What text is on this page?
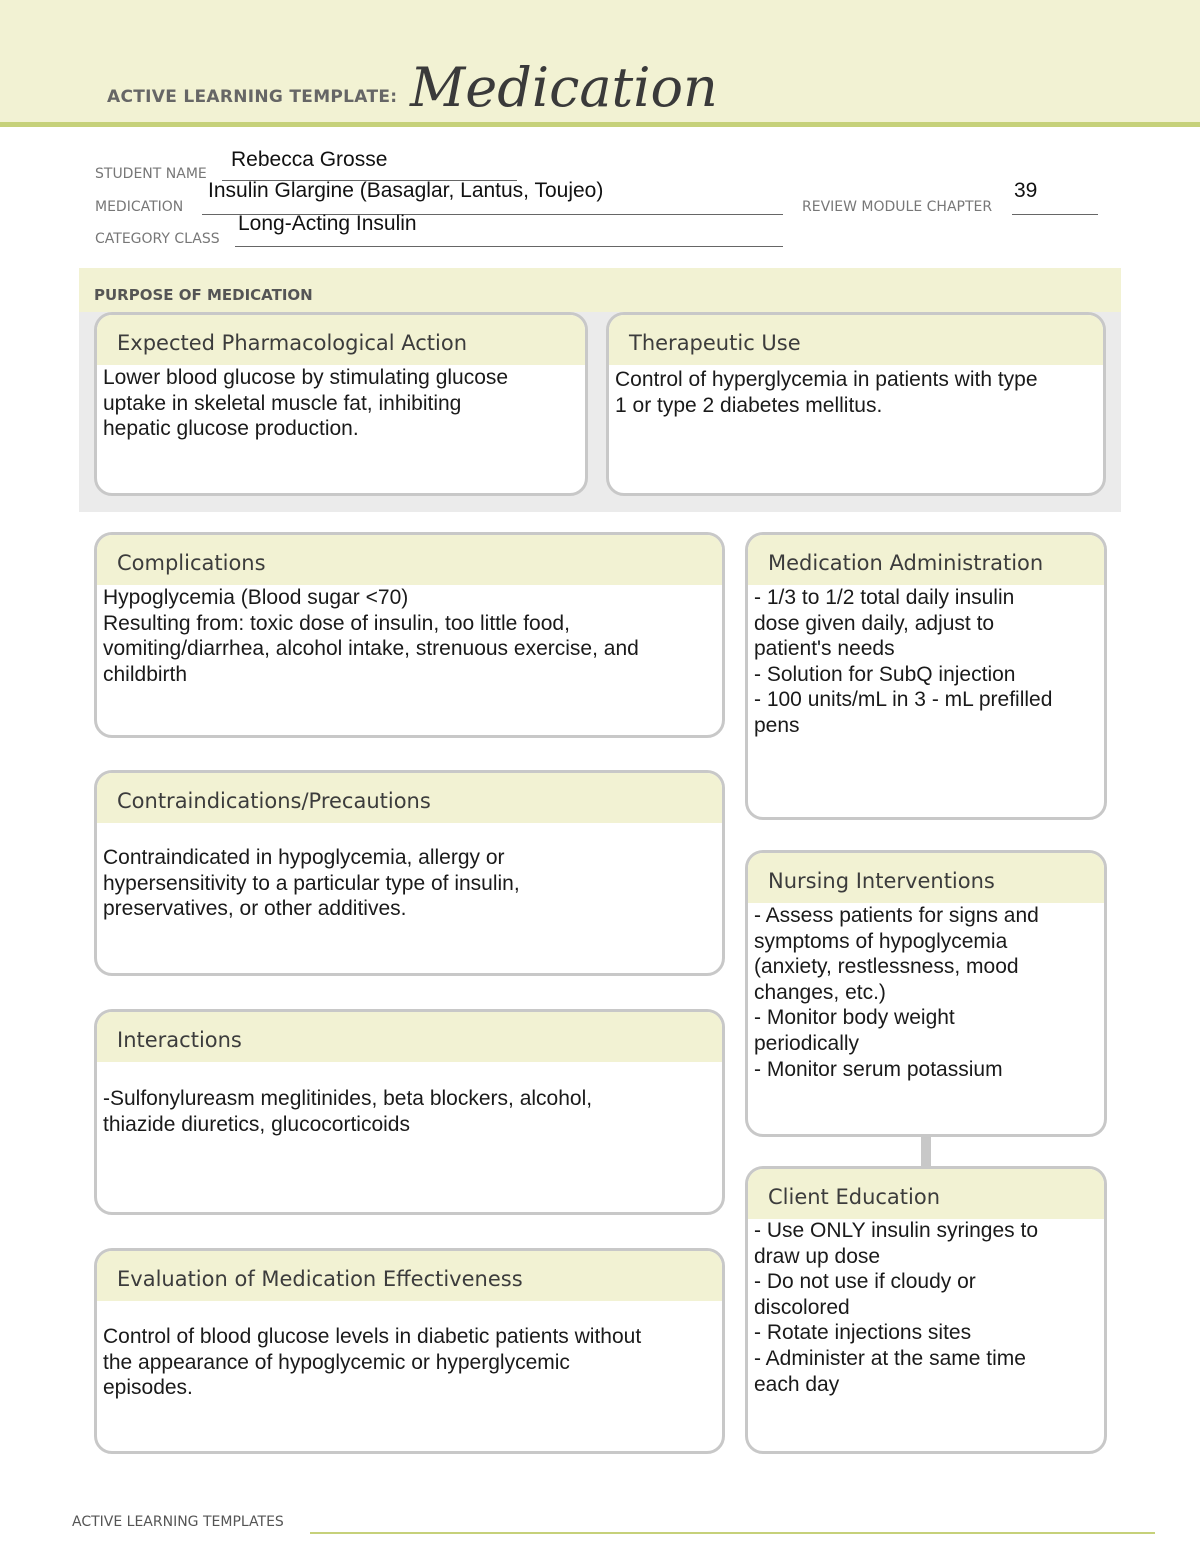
ACTIVE LEARNING TEMPLATE: Medication
STUDENT NAME
Rebecca Grosse
MEDICATION
Insulin Glargine (Basaglar, Lantus, Toujeo)
REVIEW MODULE CHAPTER
39
CATEGORY CLASS
Long-Acting Insulin
PURPOSE OF MEDICATION
Expected Pharmacological Action
Lower blood glucose by stimulating glucose
uptake in skeletal muscle fat, inhibiting
hepatic glucose production.
Therapeutic Use
Control of hyperglycemia in patients with type
1 or type 2 diabetes mellitus.
Complications
Hypoglycemia (Blood sugar <70)
Resulting from: toxic dose of insulin, too little food,
vomiting/diarrhea, alcohol intake, strenuous exercise, and
childbirth
Contraindications/Precautions
Contraindicated in hypoglycemia, allergy or
hypersensitivity to a particular type of insulin,
preservatives, or other additives.
Interactions
-Sulfonylureasm meglitinides, beta blockers, alcohol,
thiazide diuretics, glucocorticoids
Evaluation of Medication Effectiveness
Control of blood glucose levels in diabetic patients without
the appearance of hypoglycemic or hyperglycemic
episodes.
Medication Administration
- 1/3 to 1/2 total daily insulin
dose given daily, adjust to
patient's needs
- Solution for SubQ injection
- 100 units/mL in 3 - mL prefilled
pens
Nursing Interventions
- Assess patients for signs and
symptoms of hypoglycemia
(anxiety, restlessness, mood
changes, etc.)
- Monitor body weight
periodically
- Monitor serum potassium
Client Education
- Use ONLY insulin syringes to
draw up dose
- Do not use if cloudy or
discolored
- Rotate injections sites
- Administer at the same time
each day
ACTIVE LEARNING TEMPLATES
